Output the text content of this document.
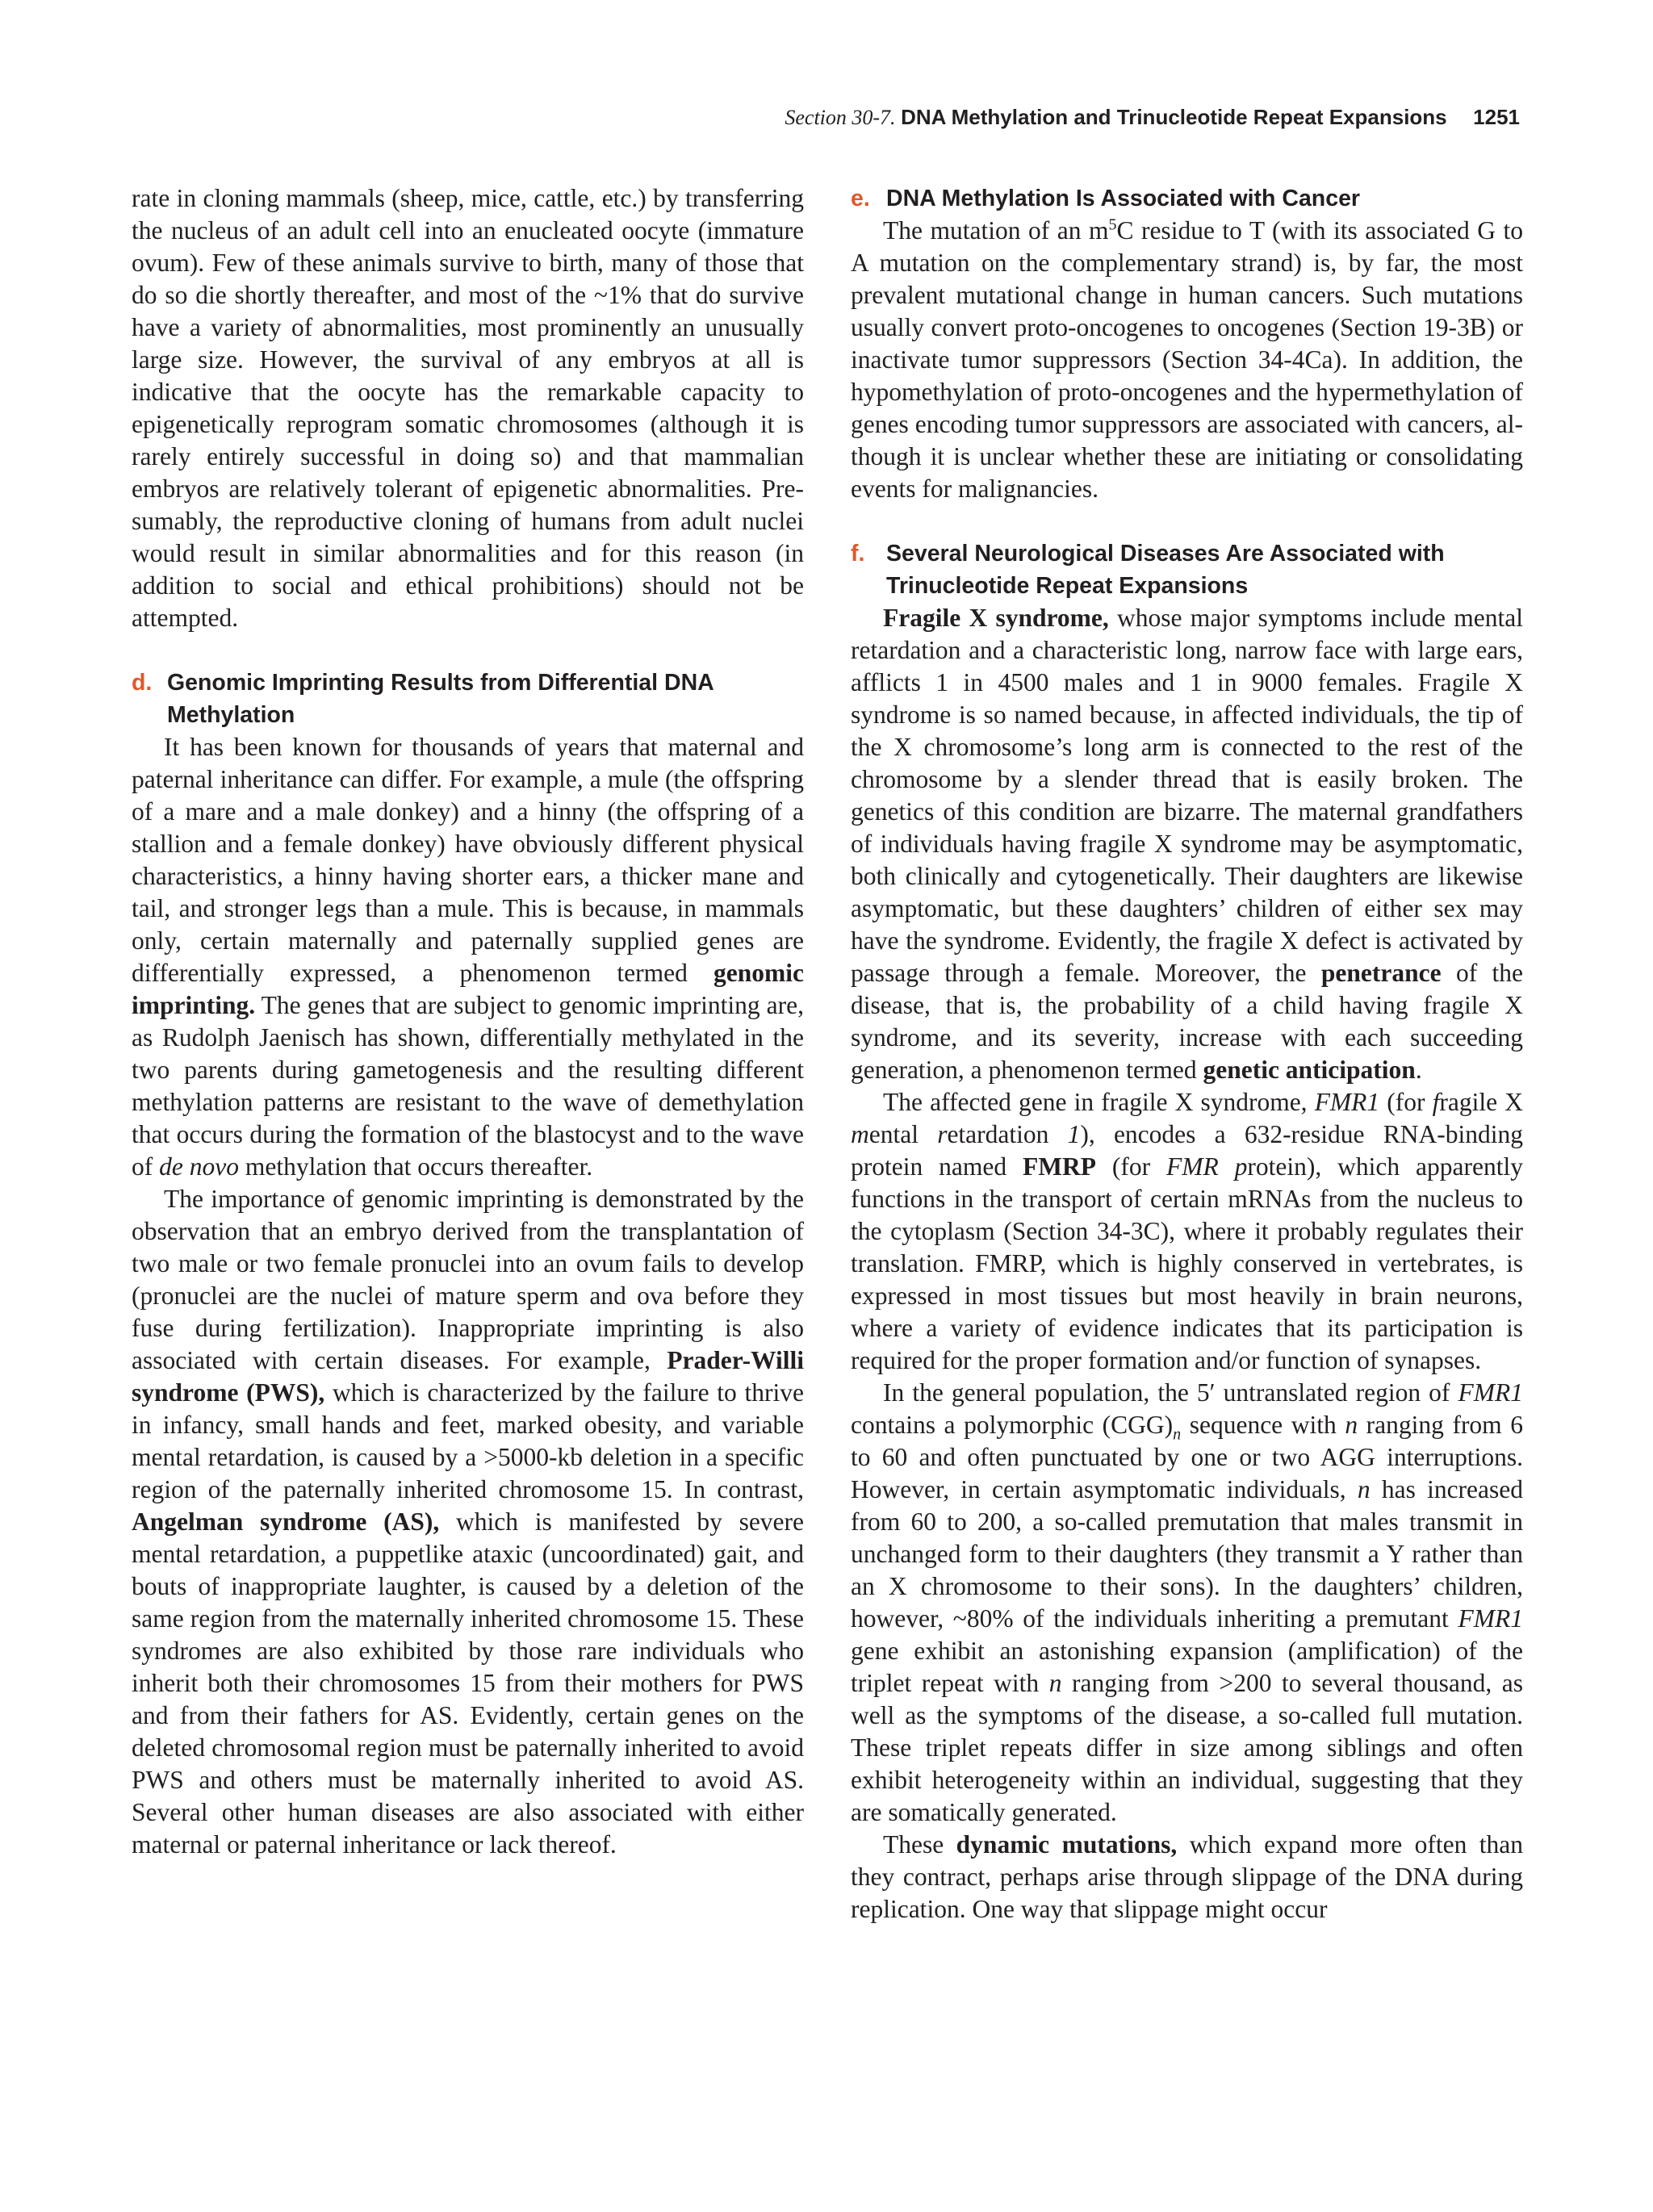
Section 30-7. DNA Methylation and Trinucleotide Repeat Expansions 1251

rate in cloning mammals (sheep, mice, cattle, etc.) by transferring the nucleus of an adult cell into an enucleated oocyte (immature ovum). Few of these animals survive to birth, many of those that do so die shortly thereafter, and most of the ~1% that do survive have a variety of abnormalities, most prominently an unusually large size. However, the survival of any embryos at all is indicative that the oocyte has the remarkable capacity to epigenetically reprogram somatic chromosomes (although it is rarely entirely successful in doing so) and that mammalian embryos are relatively tolerant of epigenetic abnormalities. Presumably, the reproductive cloning of humans from adult nuclei would result in similar abnormalities and for this reason (in addition to social and ethical prohibitions) should not be attempted.

d. Genomic Imprinting Results from Differential DNA Methylation

It has been known for thousands of years that maternal and paternal inheritance can differ. For example, a mule (the offspring of a mare and a male donkey) and a hinny (the offspring of a stallion and a female donkey) have obviously different physical characteristics, a hinny having shorter ears, a thicker mane and tail, and stronger legs than a mule. This is because, in mammals only, certain maternally and paternally supplied genes are differentially expressed, a phenomenon termed genomic imprinting. The genes that are subject to genomic imprinting are, as Rudolph Jaenisch has shown, differentially methylated in the two parents during gametogenesis and the resulting different methylation patterns are resistant to the wave of demethylation that occurs during the formation of the blastocyst and to the wave of de novo methylation that occurs thereafter.

The importance of genomic imprinting is demonstrated by the observation that an embryo derived from the transplantation of two male or two female pronuclei into an ovum fails to develop (pronuclei are the nuclei of mature sperm and ova before they fuse during fertilization). Inappropriate imprinting is also associated with certain diseases. For example, Prader-Willi syndrome (PWS), which is characterized by the failure to thrive in infancy, small hands and feet, marked obesity, and variable mental retardation, is caused by a >5000-kb deletion in a specific region of the paternally inherited chromosome 15. In contrast, Angelman syndrome (AS), which is manifested by severe mental retardation, a puppetlike ataxic (uncoordinated) gait, and bouts of inappropriate laughter, is caused by a deletion of the same region from the maternally inherited chromosome 15. These syndromes are also exhibited by those rare individuals who inherit both their chromosomes 15 from their mothers for PWS and from their fathers for AS. Evidently, certain genes on the deleted chromosomal region must be paternally inherited to avoid PWS and others must be maternally inherited to avoid AS. Several other human diseases are also associated with either maternal or paternal inheritance or lack thereof.

e. DNA Methylation Is Associated with Cancer

The mutation of an $m^5C$ residue to T (with its associated G to A mutation on the complementary strand) is, by far, the most prevalent mutational change in human cancers. Such mutations usually convert proto-oncogenes to oncogenes (Section 19-3B) or inactivate tumor suppressors (Section 34-4Ca). In addition, the hypomethylation of proto-oncogenes and the hypermethylation of genes encoding tumor suppressors are associated with cancers, although it is unclear whether these are initiating or consolidating events for malignancies.

f. Several Neurological Diseases Are Associated with Trinucleotide Repeat Expansions

Fragile X syndrome, whose major symptoms include mental retardation and a characteristic long, narrow face with large ears, afflicts 1 in 4500 males and 1 in 9000 females. Fragile X syndrome is so named because, in affected individuals, the tip of the X chromosome’s long arm is connected to the rest of the chromosome by a slender thread that is easily broken. The genetics of this condition are bizarre. The maternal grandfathers of individuals having fragile X syndrome may be asymptomatic, both clinically and cytogenetically. Their daughters are likewise asymptomatic, but these daughters’ children of either sex may have the syndrome. Evidently, the fragile X defect is activated by passage through a female. Moreover, the penetrance of the disease, that is, the probability of a child having fragile X syndrome, and its severity, increase with each succeeding generation, a phenomenon termed genetic anticipation.

The affected gene in fragile X syndrome, FMR1 (for fragile X mental retardation 1), encodes a 632-residue RNA-binding protein named FMRP (for FMR protein), which apparently functions in the transport of certain mRNAs from the nucleus to the cytoplasm (Section 34-3C), where it probably regulates their translation. FMRP, which is highly conserved in vertebrates, is expressed in most tissues but most heavily in brain neurons, where a variety of evidence indicates that its participation is required for the proper formation and/or function of synapses.

In the general population, the 5′ untranslated region of FMR1 contains a polymorphic $(CGG)_n$ sequence with n ranging from 6 to 60 and often punctuated by one or two AGG interruptions. However, in certain asymptomatic individuals, n has increased from 60 to 200, a so-called premutation that males transmit in unchanged form to their daughters (they transmit a Y rather than an X chromosome to their sons). In the daughters’ children, however, ~80% of the individuals inheriting a premutant FMR1 gene exhibit an astonishing expansion (amplification) of the triplet repeat with n ranging from >200 to several thousand, as well as the symptoms of the disease, a so-called full mutation. These triplet repeats differ in size among siblings and often exhibit heterogeneity within an individual, suggesting that they are somatically generated.

These dynamic mutations, which expand more often than they contract, perhaps arise through slippage of the DNA during replication. One way that slippage might occur
